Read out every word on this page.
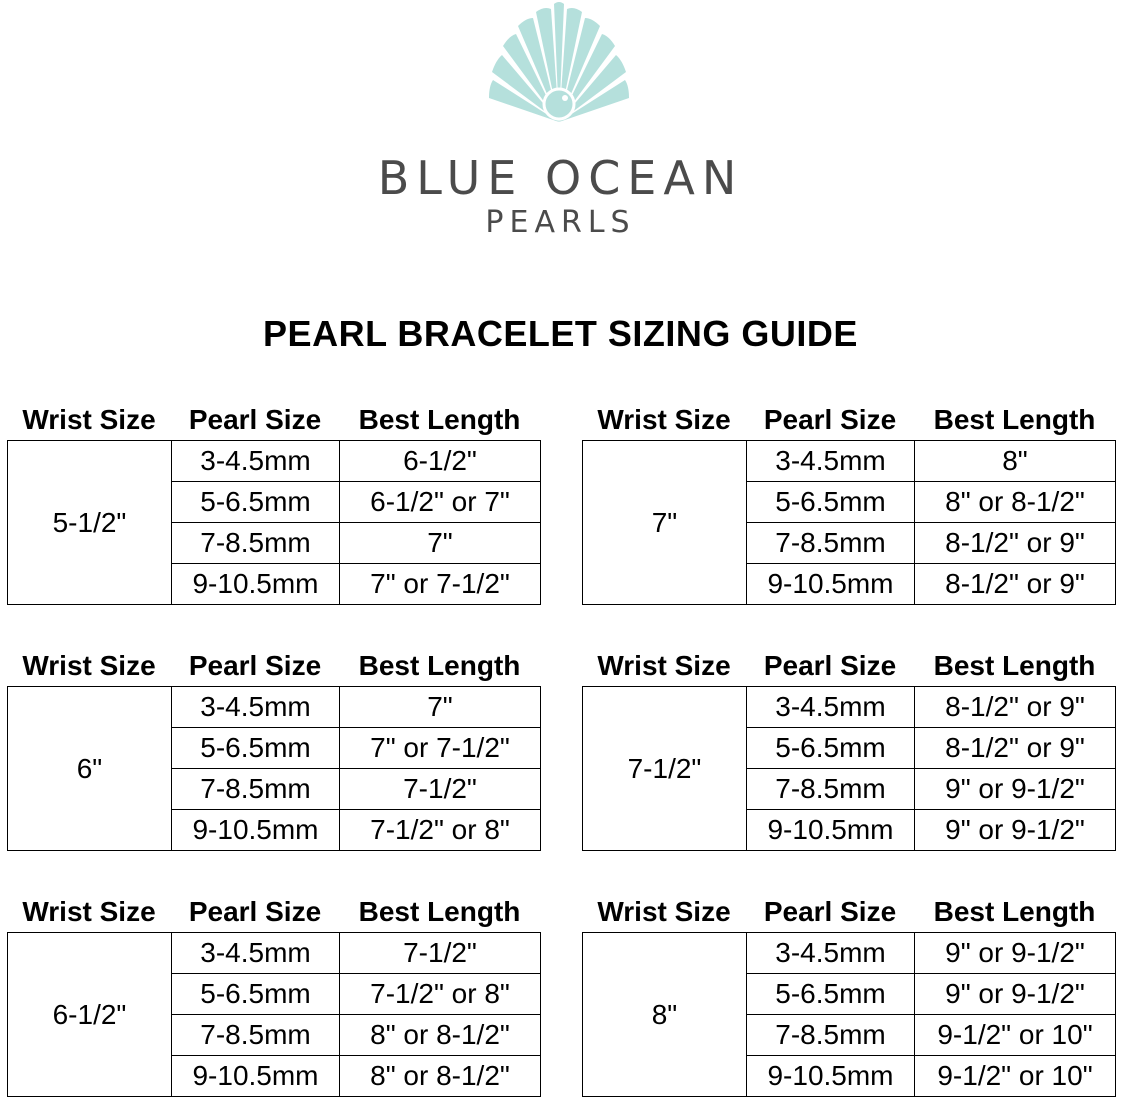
BLUE OCEAN
PEARLS
PEARL BRACELET SIZING GUIDE
Wrist Size	Pearl Size	Best Length
5-1/2"	3-4.5mm	6-1/2"
	5-6.5mm	6-1/2" or 7"
	7-8.5mm	7"
	9-10.5mm	7" or 7-1/2"
Wrist Size	Pearl Size	Best Length
7"	3-4.5mm	8"
	5-6.5mm	8" or 8-1/2"
	7-8.5mm	8-1/2" or 9"
	9-10.5mm	8-1/2" or 9"
Wrist Size	Pearl Size	Best Length
6"	3-4.5mm	7"
	5-6.5mm	7" or 7-1/2"
	7-8.5mm	7-1/2"
	9-10.5mm	7-1/2" or 8"
Wrist Size	Pearl Size	Best Length
7-1/2"	3-4.5mm	8-1/2" or 9"
	5-6.5mm	8-1/2" or 9"
	7-8.5mm	9" or 9-1/2"
	9-10.5mm	9" or 9-1/2"
Wrist Size	Pearl Size	Best Length
6-1/2"	3-4.5mm	7-1/2"
	5-6.5mm	7-1/2" or 8"
	7-8.5mm	8" or 8-1/2"
	9-10.5mm	8" or 8-1/2"
Wrist Size	Pearl Size	Best Length
8"	3-4.5mm	9" or 9-1/2"
	5-6.5mm	9" or 9-1/2"
	7-8.5mm	9-1/2" or 10"
	9-10.5mm	9-1/2" or 10"
